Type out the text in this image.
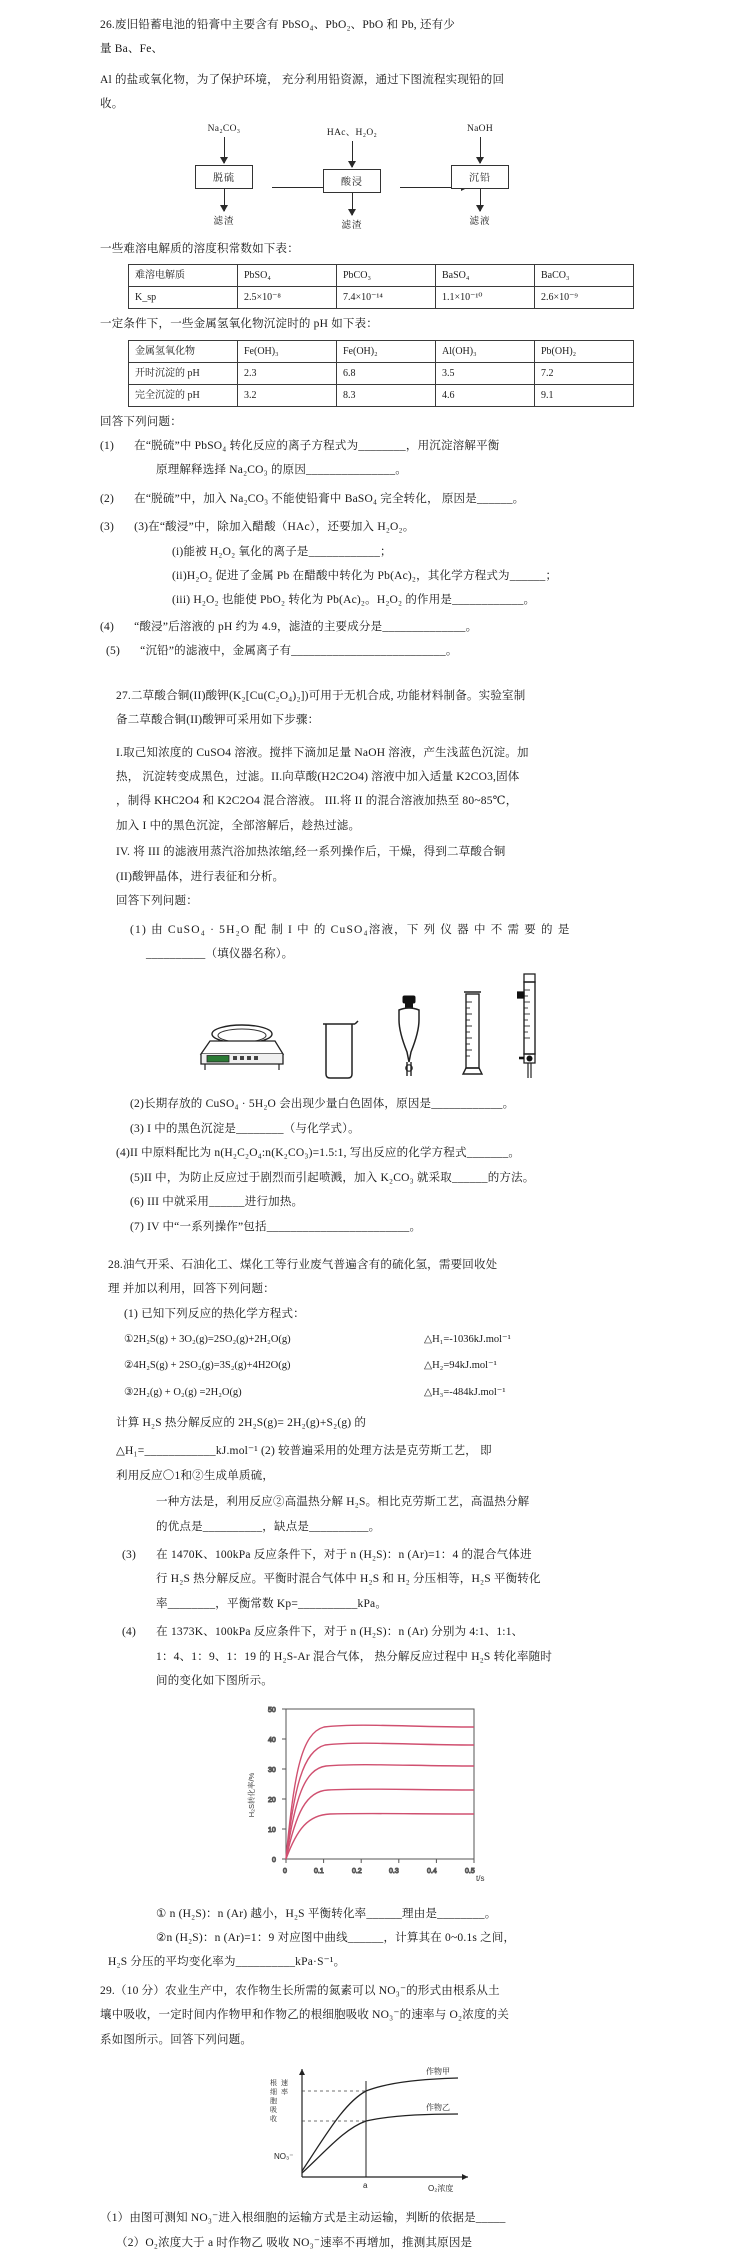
26.废旧铅蓄电池的铅膏中主要含有 PbSO₄、PbO₂、PbO 和 Pb, 还有少
量 Ba、Fe、
Al 的盐或氧化物，为了保护环境， 充分利用铅资源，通过下图流程实现铅的回
收。
Na₂CO₃
脱硫
滤渣
HAc、H₂O₂
酸浸
滤渣
NaOH
沉铅
滤液
一些难溶电解质的溶度积常数如下表：
难溶电解质	PbSO₄	PbCO₃	BaSO₄	BaCO₃
K_sp	2.5×10⁻⁸	7.4×10⁻¹⁴	1.1×10⁻¹⁰	2.6×10⁻⁹
一定条件下，一些金属氢氧化物沉淀时的 pH 如下表：
金属氢氧化物	Fe(OH)₃	Fe(OH)₂	Al(OH)₃	Pb(OH)₂
开时沉淀的 pH	2.3	6.8	3.5	7.2
完全沉淀的 pH	3.2	8.3	4.6	9.1
回答下列问题：
(1) 在“脱硫”中 PbSO₄ 转化反应的离子方程式为________，用沉淀溶解平衡
原理解释选择 Na₂CO₃ 的原因_______________。
(2) 在“脱硫”中，加入 Na₂CO₃ 不能使铅膏中 BaSO₄ 完全转化， 原因是______。
(3) (3)在“酸浸”中，除加入醋酸（HAc），还要加入 H₂O₂。
(i)能被 H₂O₂ 氧化的离子是____________；
(ii)H₂O₂ 促进了金属 Pb 在醋酸中转化为 Pb(Ac)₂，其化学方程式为______；
(iii) H₂O₂ 也能使 PbO₂ 转化为 Pb(Ac)₂。H₂O₂ 的作用是____________。
(4) “酸浸”后溶液的 pH 约为 4.9，滤渣的主要成分是______________。
(5) “沉铅”的滤液中，金属离子有__________________________。
27.二草酸合铜(II)酸钾(K₂[Cu(C₂O₄)₂])可用于无机合成, 功能材料制备。实验室制
备二草酸合铜(II)酸钾可采用如下步骤：
I.取己知浓度的 CuSO4 溶液。搅拌下滴加足量 NaOH 溶液，产生浅蓝色沉淀。加
热， 沉淀转变成黑色，过滤。II.向草酸(H2C2O4) 溶液中加入适量 K2CO3,固体
，制得 KHC2O4 和 K2C2O4 混合溶液。 III.将 II 的混合溶液加热至 80~85℃，
加入 I 中的黑色沉淀，全部溶解后，趁热过滤。
IV. 将 III 的滤液用蒸汽浴加热浓缩,经一系列操作后，干燥，得到二草酸合铜
(II)酸钾晶体，进行表征和分析。
回答下列问题：
(1) 由 CuSO₄ · 5H₂O 配 制 I 中 的 CuSO₄溶液，下 列 仪 器 中 不 需 要 的 是
__________（填仪器名称）。
(2)长期存放的 CuSO₄ · 5H₂O 会出现少量白色固体，原因是____________。
(3) I 中的黑色沉淀是________（与化学式）。
(4)II 中原料配比为 n(H₂C₂O₄:n(K₂CO₃)=1.5:1, 写出反应的化学方程式_______。
(5)II 中，为防止反应过于剧烈而引起喷溅，加入 K₂CO₃ 就采取______的方法。
(6) III 中就采用______进行加热。
(7) IV 中“一系列操作”包括________________________。
28.油气开采、石油化工、煤化工等行业废气普遍含有的硫化氢，需要回收处
理 并加以利用，回答下列问题：
(1) 已知下列反应的热化学方程式：
①2H₂S(g) + 3O₂(g)=2SO₂(g)+2H₂O(g)	△H₁=-1036kJ.mol⁻¹
②4H₂S(g) + 2SO₂(g)=3S₂(g)+4H2O(g)	△H₂=94kJ.mol⁻¹
③2H₂(g) + O₂(g) =2H₂O(g)	△H₃=-484kJ.mol⁻¹
计算 H₂S 热分解反应的 2H₂S(g)= 2H₂(g)+S₂(g) 的
△H₁=____________kJ.mol⁻¹ (2) 较普遍采用的处理方法是克劳斯工艺， 即
利用反应〇1和②生成单质硫，
一种方法是，利用反应②高温热分解 H₂S。相比克劳斯工艺，高温热分解
的优点是__________，缺点是__________。
(3) 在 1470K、100kPa 反应条件下，对于 n (H₂S)：n (Ar)=1：4 的混合气体进
行 H₂S 热分解反应。平衡时混合气体中 H₂S 和 H₂ 分压相等，H₂S 平衡转化
率________，平衡常数 Kp=__________kPa。
(4) 在 1373K、100kPa 反应条件下，对于 n (H₂S)：n (Ar) 分别为 4:1、1:1、
1：4、1：9、1：19 的 H₂S-Ar 混合气体， 热分解反应过程中 H₂S 转化率随时
间的变化如下图所示。
0
10
20
30
40
50
0	0.1	0.2	0.3	0.4	0.5
t/s
H₂S转化率/%
① n (H₂S)：n (Ar) 越小，H₂S 平衡转化率______理由是________。
②n (H₂S)：n (Ar)=1：9 对应图中曲线______，计算其在 0~0.1s 之间，
H₂S 分压的平均变化率为__________kPa·S⁻¹。
29.（10 分）农业生产中，农作物生长所需的氮素可以 NO₃⁻的形式由根系从土
壤中吸收，一定时间内作物甲和作物乙的根细胞吸收 NO₃⁻的速率与 O₂浓度的关
系如图所示。回答下列问题。
根
细
胞
吸
收
速
率
NO₃⁻
作物甲
作物乙
a	O₂浓度
（1）由图可测知 NO₃⁻进入根细胞的运输方式是主动运输，判断的依据是_____
（2）O₂浓度大于 a 时作物乙 吸收 NO₃⁻速率不再增加，推测其原因是
